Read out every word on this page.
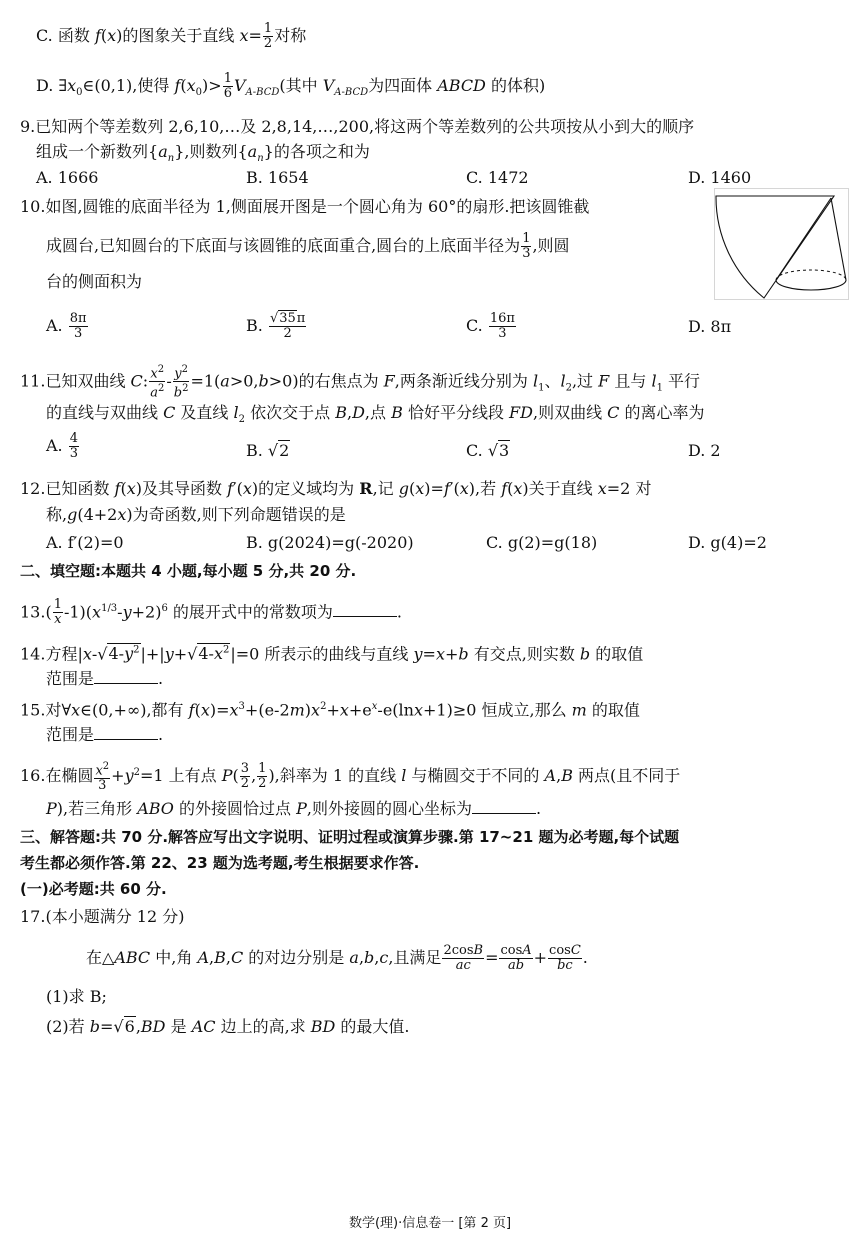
C. 函数 f(x)的图象关于直线 $x= \frac{1}{2}$ 对称
D. $\exists x_0\in(0,1)$,使得 $f(x_0)> \frac{1}{6} V_{A-BCD}$(其中 $V_{A-BCD}$为四面体 ABCD 的体积)
9.已知两个等差数列 2,6,10,…及 2,8,14,…,200,将这两个等差数列的公共项按从小到大的顺序
组成一个新数列$\{a_n\}$,则数列$\{a_n\}$的各项之和为
A. 1666	B. 1654	C. 1472	D. 1460
10.如图,圆锥的底面半径为 1,侧面展开图是一个圆心角为 60°的扇形.把该圆锥截
成圆台,已知圆台的下底面与该圆锥的底面重合,圆台的上底面半径为 $\frac{1}{3}$ ,则圆
台的侧面积为
A. $\frac{8\pi}{3}$	B. $\frac{√35\pi}{2}$	C. $\frac{16\pi}{3}$	D. 8π
11.已知双曲线 C: $\frac{x^2}{a^2} - \frac{y^2}{b^2} =1(a>0,b>0)$的右焦点为 F,两条渐近线分别为 $l_1$、$l_2$,过 F 且与 $l_1$ 平行
的直线与双曲线 C 及直线 $l_2$ 依次交于点 B,D,点 B 恰好平分线段 FD,则双曲线 C 的离心率为
A. $\frac{4}{3}$	B. √2	C. √3	D. 2
12.已知函数 f(x)及其导函数 f′(x)的定义域均为 R,记 g(x)=f′(x),若 f(x)关于直线 x=2 对
称,g(4+2x)为奇函数,则下列命题错误的是
A. f′(2)=0	B. g(2024)=g(-2020)	C. g(2)=g(18)	D. g(4)=2
二、填空题:本题共 4 小题,每小题 5 分,共 20 分.
$13.( \frac{1}{x} -1)(x^{1/3}-y+2)^6$ 的展开式中的常数项为	.
14.方程$|x-√4-y^2|+|y+√4-x^2|=0$ 所表示的曲线与直线 y=x+b 有交点,则实数 b 的取值
范围是	.
15.对∀x∈(0,+∞),都有 $f(x)=x^3+(e-2m)x^2+x+e^x-e(\ln x+1)\ge 0$ 恒成立,那么 m 的取值
范围是	.
16.在椭圆 $\frac{x^2}{3} +y^2=1$ 上有点 $P( \frac{3}{2}$ , $\frac{1}{2}$ ),斜率为 1 的直线 l 与椭圆交于不同的 A,B 两点(且不同于
P),若三角形 ABO 的外接圆恰过点 P,则外接圆的圆心坐标为	.
三、解答题:共 70 分.解答应写出文字说明、证明过程或演算步骤.第 17~21 题为必考题,每个试题
考生都必须作答.第 22、23 题为选考题,考生根据要求作答.
(一)必考题:共 60 分.
17.(本小题满分 12 分)
在△ABC 中,角 A,B,C 的对边分别是 a,b,c,且满足 $\frac{2\cos B}{ac} = \frac{\cos A}{ab} + \frac{\cos C}{bc}$ .
(1)求 B;
(2)若 b=√6,BD 是 AC 边上的高,求 BD 的最大值.
数学(理)·信息卷一 [第 2 页]
